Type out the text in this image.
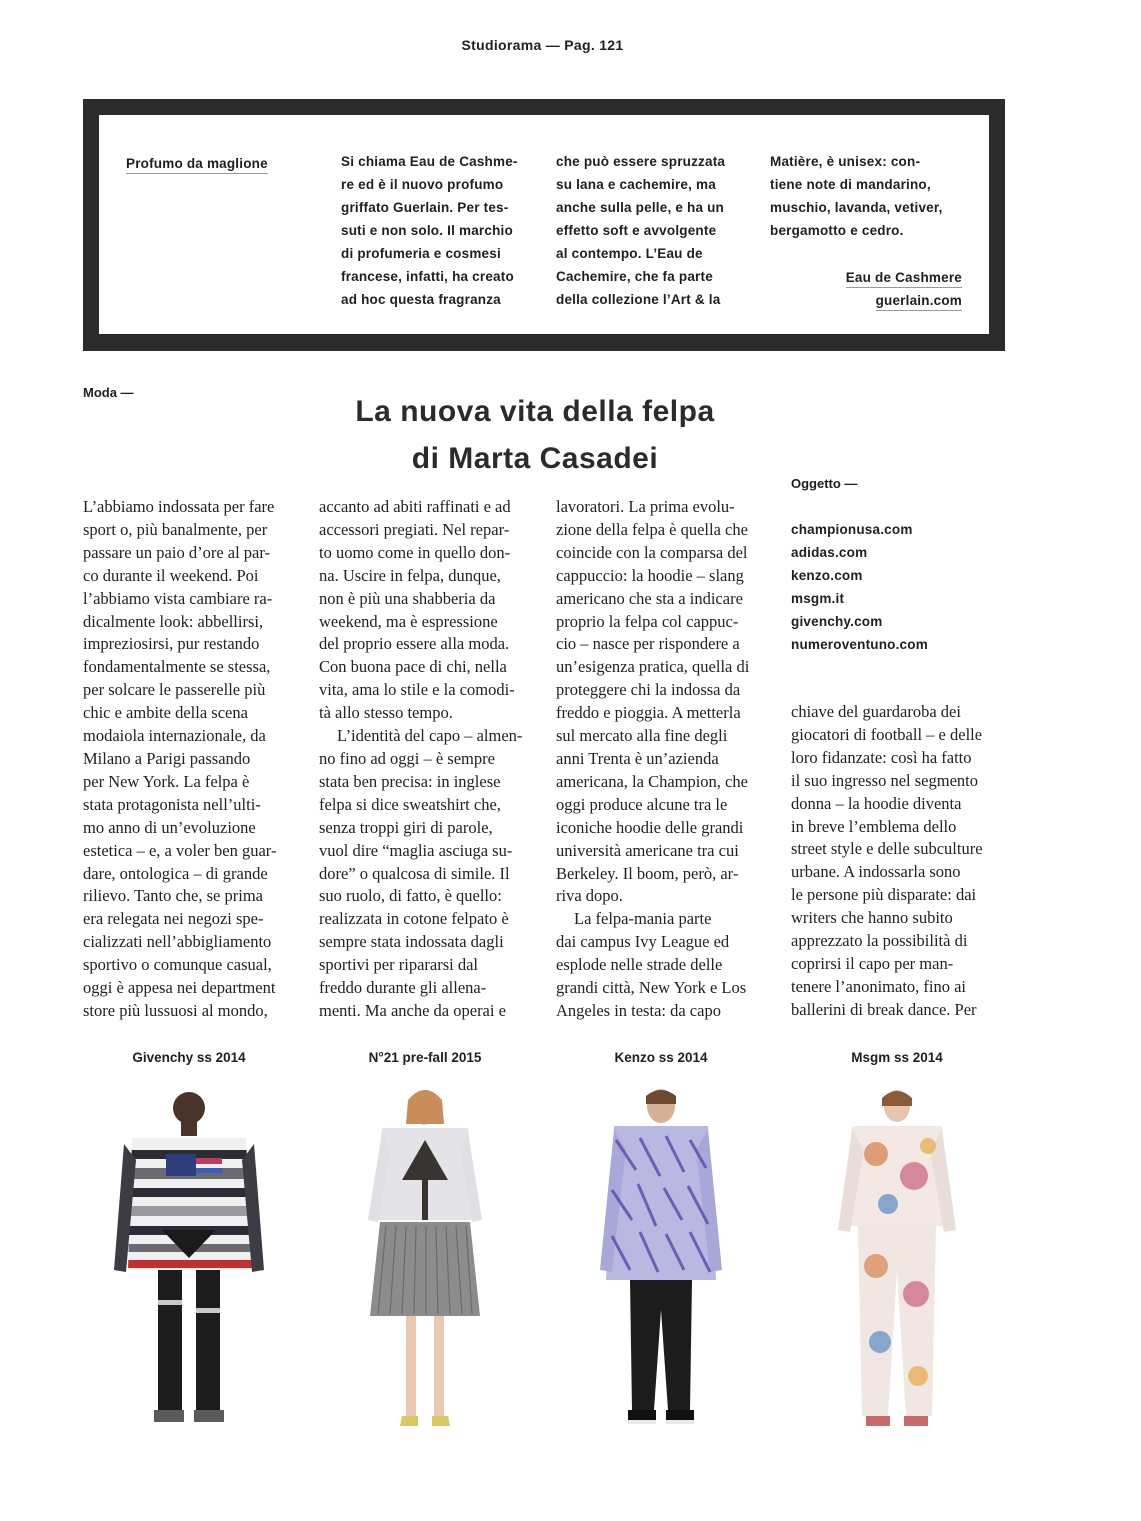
Studiorama — Pag. 121
Profumo da maglione	Si chiama Eau de Cashme-
re ed è il nuovo profumo
griffato Guerlain. Per tes-
suti e non solo. Il marchio
di profumeria e cosmesi
francese, infatti, ha creato
ad hoc questa fragranza
che può essere spruzzata
su lana e cachemire, ma
anche sulla pelle, e ha un
effetto soft e avvolgente
al contempo. L’Eau de
Cachemire, che fa parte
della collezione l’Art & la
Matière, è unisex: con-
tiene note di mandarino,
muschio, lavanda, vetiver,
bergamotto e cedro.
Eau de Cashmere
guerlain.com
Moda —
La nuova vita della felpa
di Marta Casadei
Oggetto —
championusa.com
adidas.com
kenzo.com
msgm.it
givenchy.com
numeroventuno.com
L’abbiamo indossata per fare
sport o, più banalmente, per
passare un paio d’ore al par-
co durante il weekend. Poi
l’abbiamo vista cambiare ra-
dicalmente look: abbellirsi,
impreziosirsi, pur restando
fondamentalmente se stessa,
per solcare le passerelle più
chic e ambite della scena
modaiola internazionale, da
Milano a Parigi passando
per New York. La felpa è
stata protagonista nell’ulti-
mo anno di un’evoluzione
estetica – e, a voler ben guar-
dare, ontologica – di grande
rilievo. Tanto che, se prima
era relegata nei negozi spe-
cializzati nell’abbigliamento
sportivo o comunque casual,
oggi è appesa nei department
store più lussuosi al mondo,
accanto ad abiti raffinati e ad
accessori pregiati. Nel repar-
to uomo come in quello don-
na. Uscire in felpa, dunque,
non è più una shabberia da
weekend, ma è espressione
del proprio essere alla moda.
Con buona pace di chi, nella
vita, ama lo stile e la comodi-
tà allo stesso tempo.
L’identità del capo – almen-
no fino ad oggi – è sempre
stata ben precisa: in inglese
felpa si dice sweatshirt che,
senza troppi giri di parole,
vuol dire “maglia asciuga su-
dore” o qualcosa di simile. Il
suo ruolo, di fatto, è quello:
realizzata in cotone felpato è
sempre stata indossata dagli
sportivi per ripararsi dal
freddo durante gli allena-
menti. Ma anche da operai e
lavoratori. La prima evolu-
zione della felpa è quella che
coincide con la comparsa del
cappuccio: la hoodie – slang
americano che sta a indicare
proprio la felpa col cappuc-
cio – nasce per rispondere a
un’esigenza pratica, quella di
proteggere chi la indossa da
freddo e pioggia. A metterla
sul mercato alla fine degli
anni Trenta è un’azienda
americana, la Champion, che
oggi produce alcune tra le
iconiche hoodie delle grandi
università americane tra cui
Berkeley. Il boom, però, ar-
riva dopo.
La felpa-mania parte
dai campus Ivy League ed
esplode nelle strade delle
grandi città, New York e Los
Angeles in testa: da capo
chiave del guardaroba dei
giocatori di football – e delle
loro fidanzate: così ha fatto
il suo ingresso nel segmento
donna – la hoodie diventa
in breve l’emblema dello
street style e delle subculture
urbane. A indossarla sono
le persone più disparate: dai
writers che hanno subito
apprezzato la possibilità di
coprirsi il capo per man-
tenere l’anonimato, fino ai
ballerini di break dance. Per
Givenchy ss 2014	N°21 pre-fall 2015	Kenzo ss 2014	Msgm ss 2014
